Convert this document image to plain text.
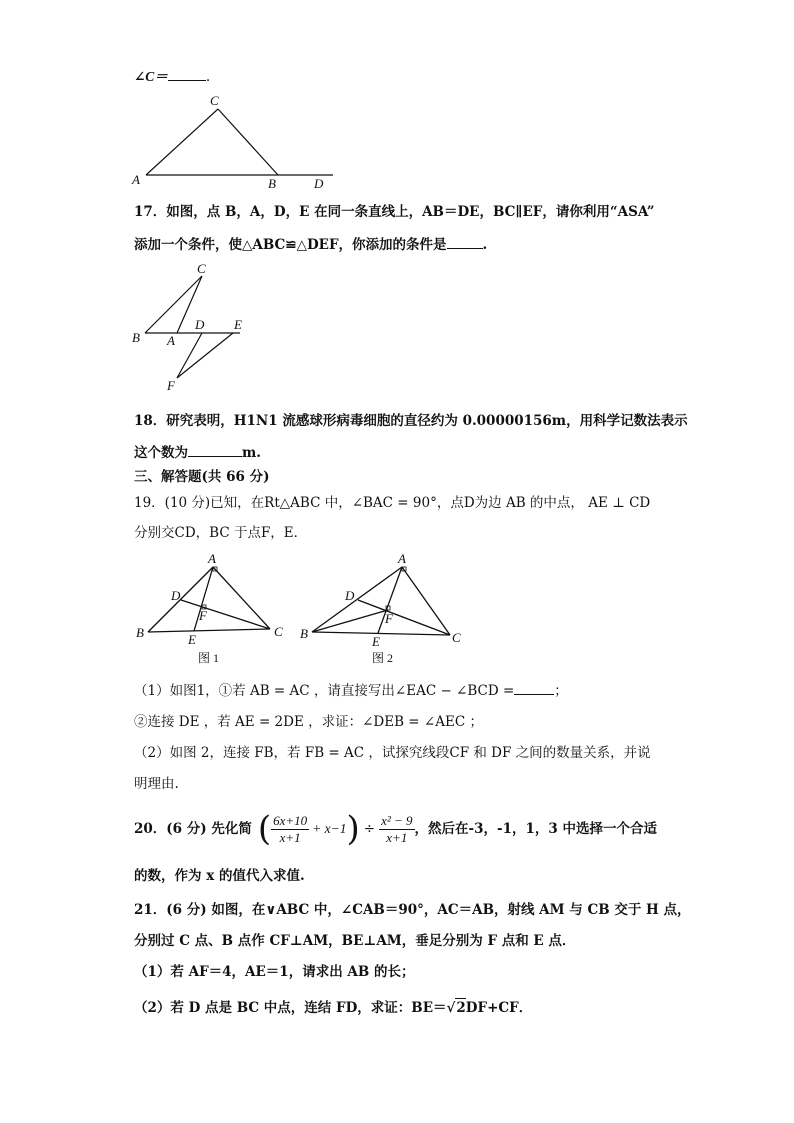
∠C＝	.
C
A	B	D
17．如图，点 B，A，D，E 在同一条直线上，AB＝DE，BC∥EF，请你利用“ASA”
添加一个条件，使△ABC≌△DEF，你添加的条件是	.
C
B A
D E
F
18．研究表明，H1N1 流感球形病毒细胞的直径约为 0.00000156m，用科学记数法表示
这个数为	m.
三、解答题(共 66 分)
19．(10 分)已知，在Rt△ABC 中，∠BAC = 90°，点D为边 AB 的中点， AE ⊥ CD
分别交CD，BC 于点F，E．
A
D
F
B	E
C
图 1
A
D
F
B
E	C
图 2
（1）如图1，①若 AB = AC ，请直接写出∠EAC − ∠BCD =	；
②连接 DE ，若 AE = 2DE ，求证：∠DEB = ∠AEC ；
（2）如图 2，连接 FB，若 FB = AC ，试探究线段CF 和 DF 之间的数量关系，并说
明理由.
20．(6 分) 先化简 ( $\frac{6x+10}{x+1} + x-1$ ) ÷ $\frac{\text{x² − 9}}{x+1}$ ，然后在-3，-1，1，3 中选择一个合适
的数，作为 x 的值代入求值.
21．(6 分) 如图，在∨ABC 中，∠CAB＝90°，AC＝AB，射线 AM 与 CB 交于 H 点，
分别过 C 点、B 点作 CF⊥AM，BE⊥AM，垂足分别为 F 点和 E 点．
（1）若 AF＝4，AE＝1，请求出 AB 的长；
（2）若 D 点是 BC 中点，连结 FD，求证：BE＝√2DF+CF．
